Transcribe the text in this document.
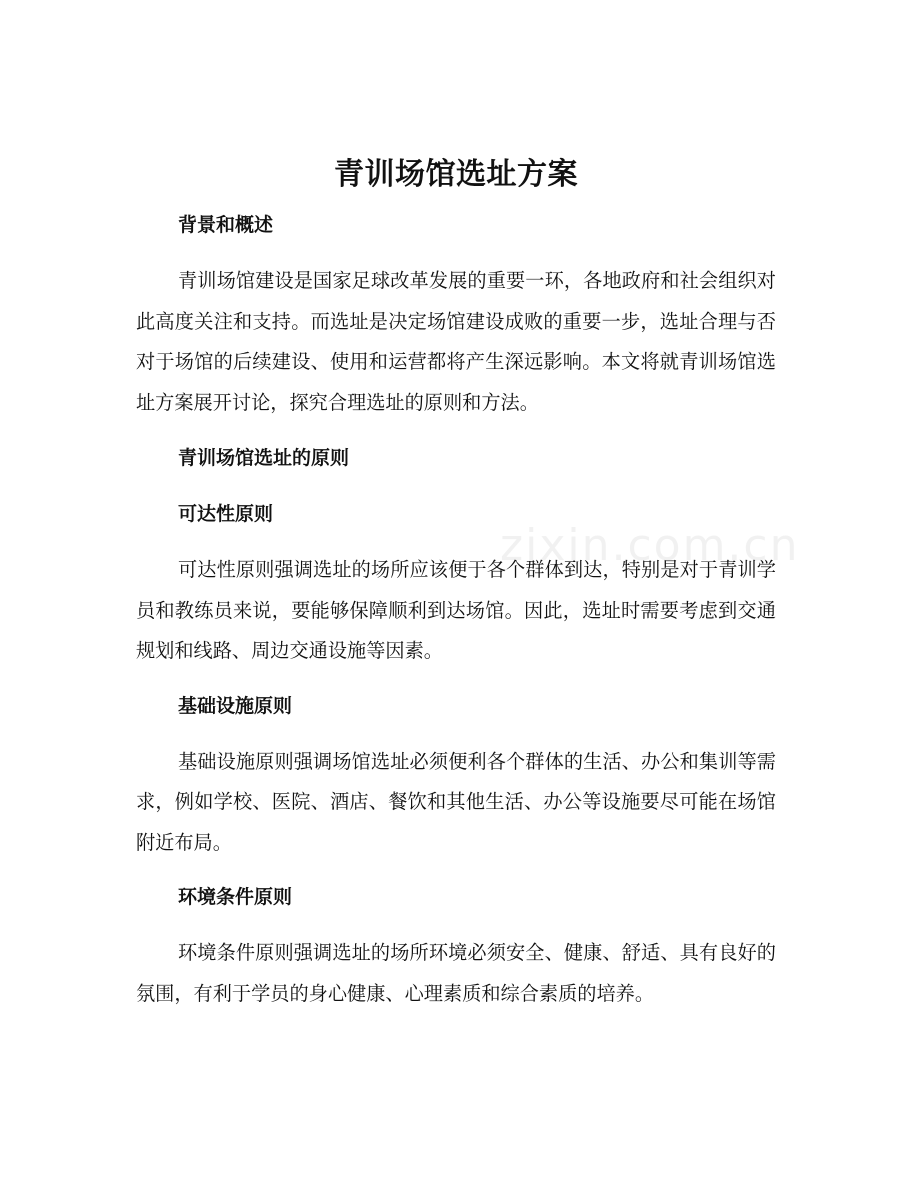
zixin.com.cn
青训场馆选址方案
背景和概述

青训场馆建设是国家足球改革发展的重要一环，各地政府和社会组织对此高度关注和支持。而选址是决定场馆建设成败的重要一步，选址合理与否对于场馆的后续建设、使用和运营都将产生深远影响。本文将就青训场馆选址方案展开讨论，探究合理选址的原则和方法。

青训场馆选址的原则
可达性原则

可达性原则强调选址的场所应该便于各个群体到达，特别是对于青训学员和教练员来说，要能够保障顺利到达场馆。因此，选址时需要考虑到交通规划和线路、周边交通设施等因素。

基础设施原则

基础设施原则强调场馆选址必须便利各个群体的生活、办公和集训等需求，例如学校、医院、酒店、餐饮和其他生活、办公等设施要尽可能在场馆附近布局。

环境条件原则

环境条件原则强调选址的场所环境必须安全、健康、舒适、具有良好的氛围，有利于学员的身心健康、心理素质和综合素质的培养。
